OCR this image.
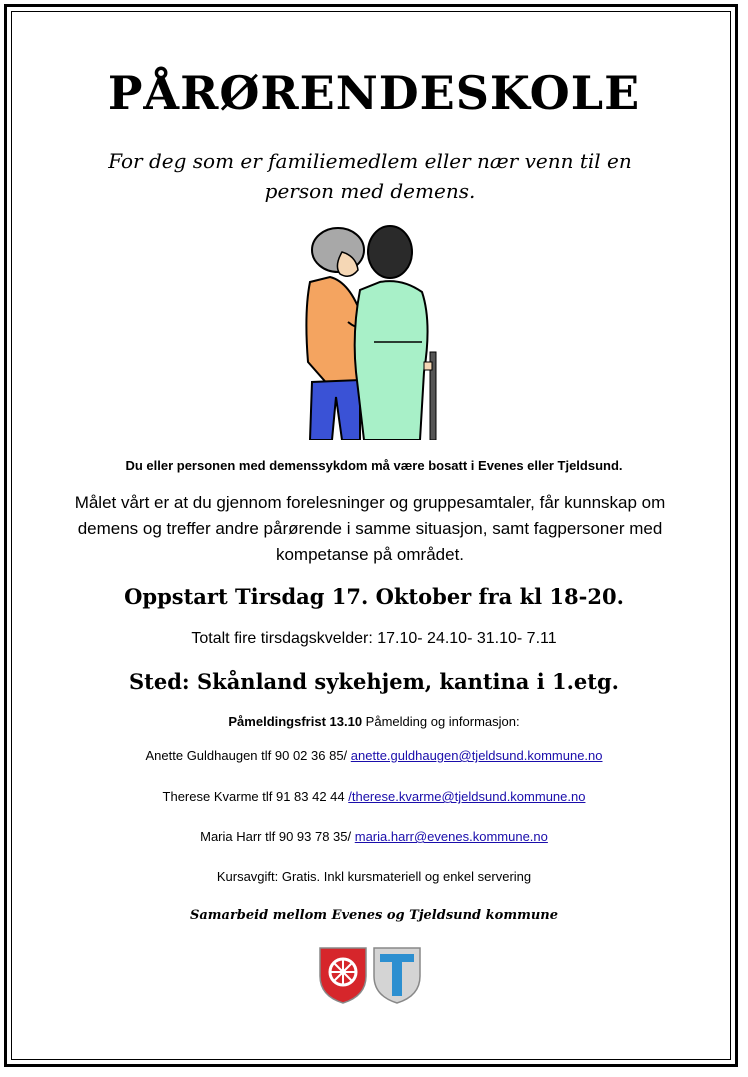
PÅRØRENDESKOLE
For deg som er familiemedlem eller nær venn til en person med demens.
Du eller personen med demenssykdom må være bosatt i Evenes eller Tjeldsund.
Målet vårt er at du gjennom forelesninger og gruppesamtaler, får kunnskap om demens og treffer andre pårørende i samme situasjon, samt fagpersoner med kompetanse på området.
Oppstart Tirsdag 17. Oktober fra kl 18-20.
Totalt fire tirsdagskvelder: 17.10- 24.10- 31.10- 7.11
Sted: Skånland sykehjem, kantina i 1.etg.
Påmeldingsfrist 13.10 Påmelding og informasjon:
Anette Guldhaugen tlf 90 02 36 85/ anette.guldhaugen@tjeldsund.kommune.no
Therese Kvarme tlf 91 83 42 44 /therese.kvarme@tjeldsund.kommune.no
Maria Harr tlf 90 93 78 35/ maria.harr@evenes.kommune.no
Kursavgift: Gratis. Inkl kursmateriell og enkel servering
Samarbeid mellom Evenes og Tjeldsund kommune
